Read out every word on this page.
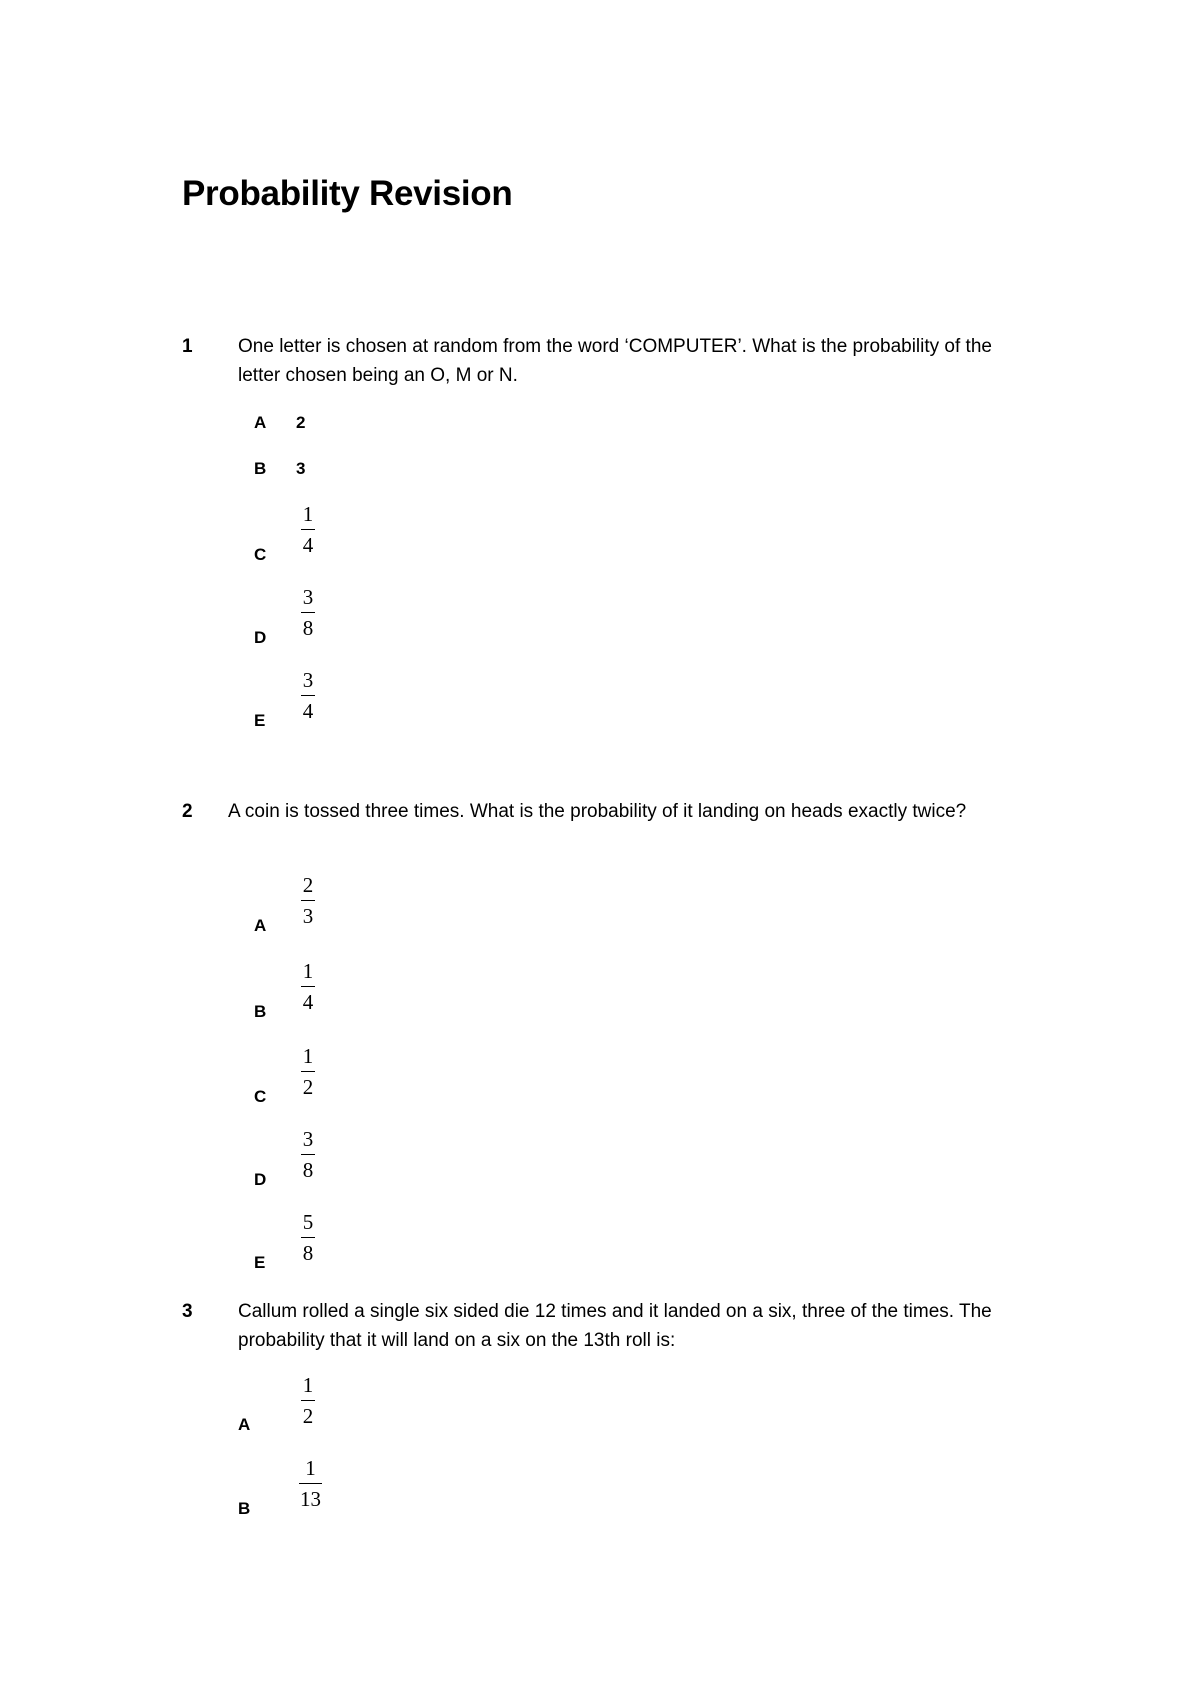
Probability Revision
1 One letter is chosen at random from the word ‘COMPUTER’. What is the probability of the letter chosen being an O, M or N.

A 2
B 3
C
1
4
D
3
8
E
3
4
2 A coin is tossed three times. What is the probability of it landing on heads exactly twice?

A
2
3
B
1
4
C
1
2
D
3
8
E
5
8
3 Callum rolled a single six sided die 12 times and it landed on a six, three of the times. The probability that it will land on a six on the 13th roll is:

A
1
2
B
1
13
